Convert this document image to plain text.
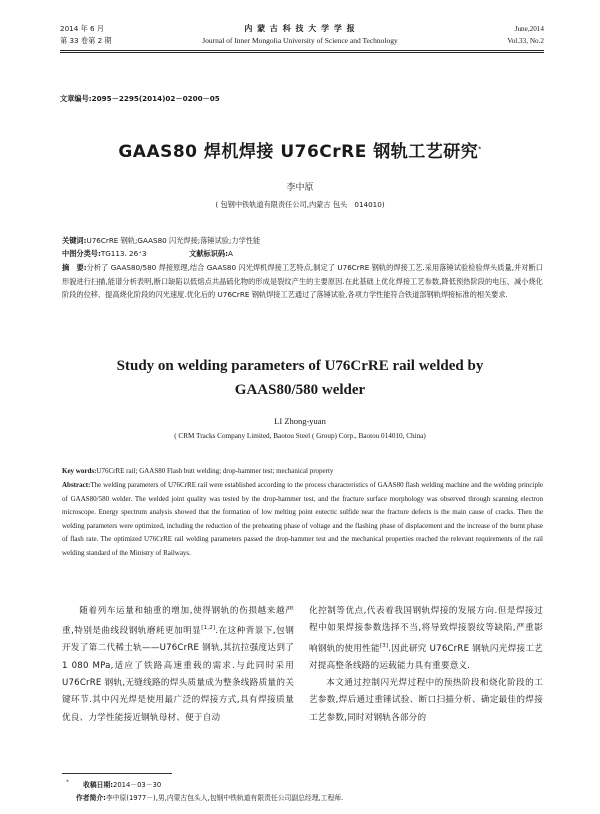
2014 年 6 月
第 33 卷第 2 期
内 蒙 古 科 技 大 学 学 报
Journal of Inner Mongolia University of Science and Technology
June,2014
Vol.33, No.2
文章编号:2095－2295(2014)02－0200－05
GAAS80 焊机焊接 U76CrRE 钢轨工艺研究*
李中原
( 包钢中铁轨道有限责任公司,内蒙古 包头　014010)
关键词:U76CrRE 钢轨;GAAS80 闪光焊接;落锤试验;力学性能
中图分类号:TG113. 26⁺3	文献标识码:A
摘　要:分析了 GAAS80/580 焊接原理,结合 GAAS80 闪光焊机焊接工艺特点,制定了 U76CrRE 钢轨的焊接工艺.采用落锤试验检验焊头质量,并对断口形貌进行扫描,能谱分析表明,断口缺陷以低熔点共晶硫化物的形成是裂纹产生的主要原因.在此基础上优化焊接工艺参数,降低预热阶段的电压、减小烧化阶段的位移、提高烧化阶段的闪光速度.优化后的 U76CrRE 钢轨焊接工艺通过了落锤试验,各项力学性能符合铁道部钢轨焊接标准的相关要求.
Study on welding parameters of U76CrRE rail welded by
GAAS80/580 welder
LI Zhong-yuan
( CRM Tracks Company Limited, Baotou Steel ( Group) Corp., Baotou 014010, China)
Key words:U76CrRE rail; GAAS80 Flash butt welding; drop-hammer test; mechanical property
Abstract:The welding parameters of U76CrRE rail were established according to the process characteristics of GAAS80 flash welding machine and the welding principle of GAAS80/580 welder. The welded joint quality was tested by the drop-hammer test, and the fracture surface morphology was observed through scanning electron microscope. Energy spectrum analysis showed that the formation of low melting point eutectic sulfide near the fracture defects is the main cause of cracks. Then the welding parameters were optimized, including the reduction of the preheating phase of voltage and the flashing phase of displacement and the increase of the burnt phase of flash rate. The optimized U76CrRE rail welding parameters passed the drop-hammer test and the mechanical properties reached the relevant requirements of the rail welding standard of the Ministry of Railways.
随着列车运量和轴重的增加,使得钢轨的伤损越来越严重,特别是曲线段钢轨磨耗更加明显[1,2].在这种背景下,包钢开发了第二代稀土轨——U76CrRE 钢轨,其抗拉强度达到了 1 080 MPa,适应了铁路高速重载的需求.与此同时采用 U76CrRE 钢轨,无缝线路的焊头质量成为整条线路质量的关键环节.其中闪光焊是使用最广泛的焊接方式,具有焊接质量优良、力学性能接近钢轨母材、便于自动
化控制等优点,代表着我国钢轨焊接的发展方向.但是焊接过程中如果焊接参数选择不当,将导致焊接裂纹等缺陷,严重影响钢轨的使用性能[3].因此研究 U76CrRE 钢轨闪光焊接工艺对提高整条线路的运载能力具有重要意义.
本文通过控制闪光焊过程中的预热阶段和烧化阶段的工艺参数,焊后通过重锤试验、断口扫描分析、确定最佳的焊接工艺参数,同时对钢轨各部分的
* 收稿日期:2014－03－30
作者简介:李中原(1977－),男,内蒙古包头人,包钢中铁轨道有限责任公司副总经理,工程师.
